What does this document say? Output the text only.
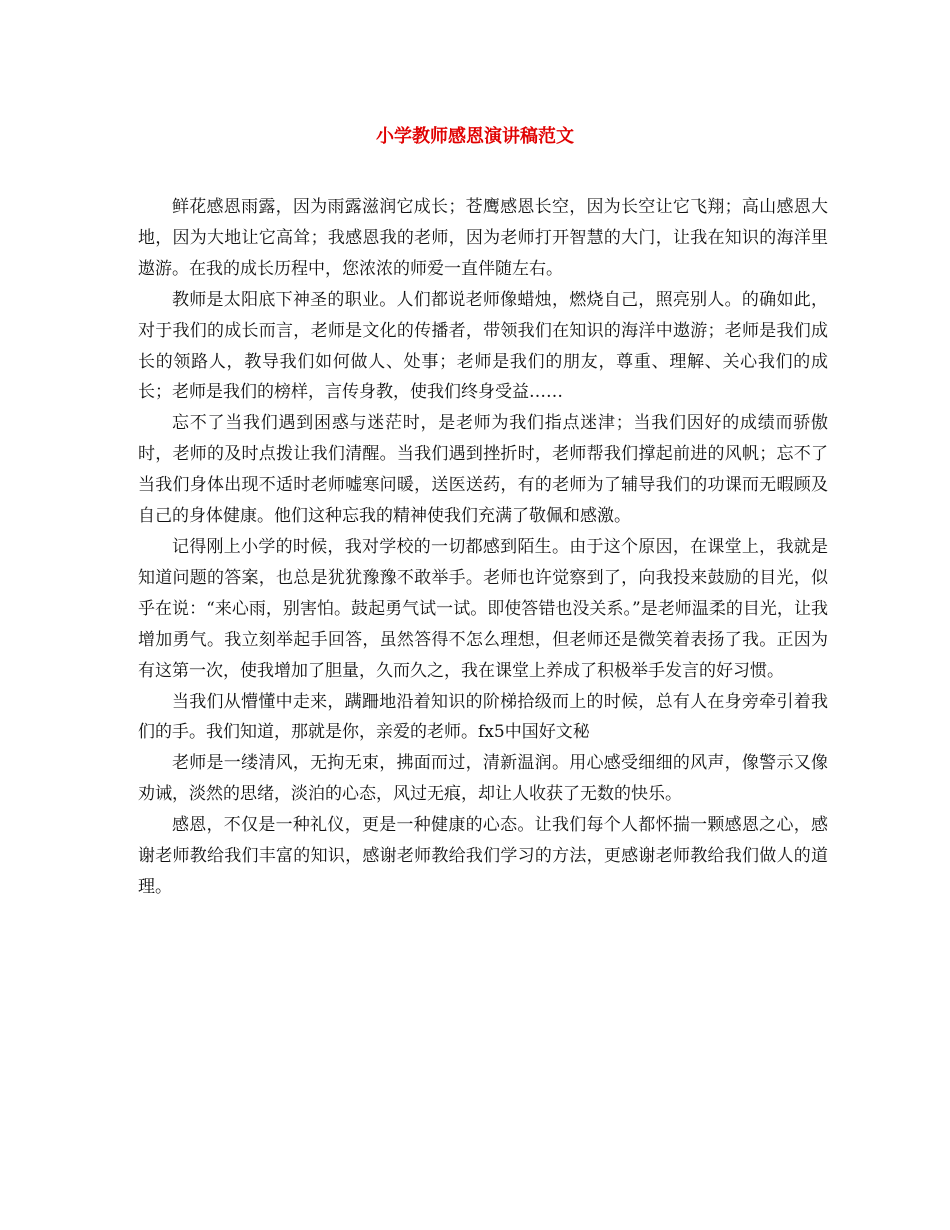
小学教师感恩演讲稿范文

鲜花感恩雨露，因为雨露滋润它成长；苍鹰感恩长空，因为长空让它飞翔；高山感恩大地，因为大地让它高耸；我感恩我的老师，因为老师打开智慧的大门，让我在知识的海洋里遨游。在我的成长历程中，您浓浓的师爱一直伴随左右。

教师是太阳底下神圣的职业。人们都说老师像蜡烛，燃烧自己，照亮别人。的确如此，对于我们的成长而言，老师是文化的传播者，带领我们在知识的海洋中遨游；老师是我们成长的领路人，教导我们如何做人、处事；老师是我们的朋友，尊重、理解、关心我们的成长；老师是我们的榜样，言传身教，使我们终身受益……

忘不了当我们遇到困惑与迷茫时，是老师为我们指点迷津；当我们因好的成绩而骄傲时，老师的及时点拨让我们清醒。当我们遇到挫折时，老师帮我们撑起前进的风帆；忘不了当我们身体出现不适时老师嘘寒问暖，送医送药，有的老师为了辅导我们的功课而无暇顾及自己的身体健康。他们这种忘我的精神使我们充满了敬佩和感激。

记得刚上小学的时候，我对学校的一切都感到陌生。由于这个原因，在课堂上，我就是知道问题的答案，也总是犹犹豫豫不敢举手。老师也许觉察到了，向我投来鼓励的目光，似乎在说：“来心雨，别害怕。鼓起勇气试一试。即使答错也没关系。”是老师温柔的目光，让我增加勇气。我立刻举起手回答，虽然答得不怎么理想，但老师还是微笑着表扬了我。正因为有这第一次，使我增加了胆量，久而久之，我在课堂上养成了积极举手发言的好习惯。

当我们从懵懂中走来，蹒跚地沿着知识的阶梯拾级而上的时候，总有人在身旁牵引着我们的手。我们知道，那就是你，亲爱的老师。fx5中国好文秘

老师是一缕清风，无拘无束，拂面而过，清新温润。用心感受细细的风声，像警示又像劝诫，淡然的思绪，淡泊的心态，风过无痕，却让人收获了无数的快乐。

感恩，不仅是一种礼仪，更是一种健康的心态。让我们每个人都怀揣一颗感恩之心，感谢老师教给我们丰富的知识，感谢老师教给我们学习的方法，更感谢老师教给我们做人的道理。
